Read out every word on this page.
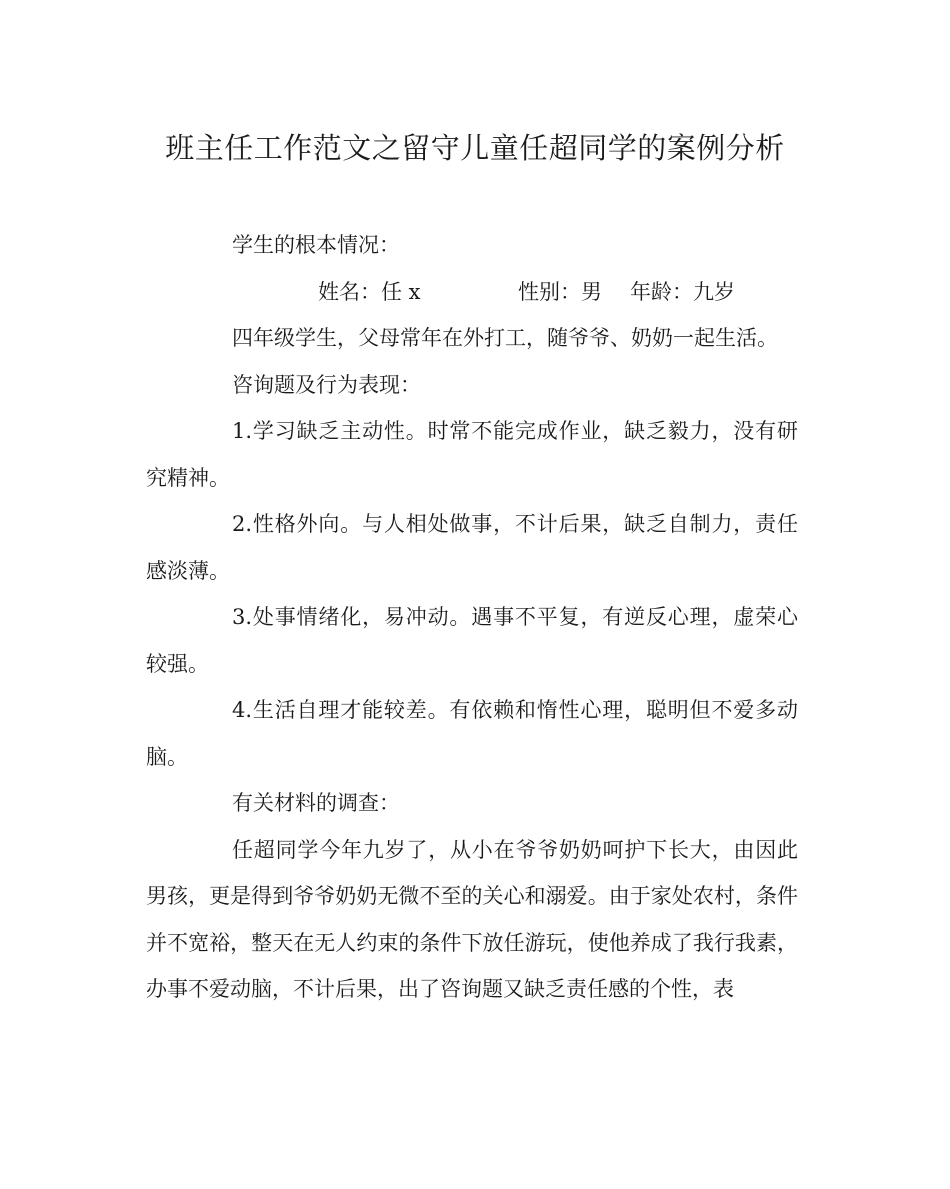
班主任工作范文之留守儿童任超同学的案例分析

学生的根本情况：

姓名：任 x	性别：男 年龄：九岁

四年级学生，父母常年在外打工，随爷爷、奶奶一起生活。

咨询题及行为表现：

1.学习缺乏主动性。时常不能完成作业，缺乏毅力，没有研究精神。

2.性格外向。与人相处做事，不计后果，缺乏自制力，责任感淡薄。

3.处事情绪化，易冲动。遇事不平复，有逆反心理，虚荣心较强。

4.生活自理才能较差。有依赖和惰性心理，聪明但不爱多动脑。

有关材料的调查：

任超同学今年九岁了，从小在爷爷奶奶呵护下长大，由因此男孩，更是得到爷爷奶奶无微不至的关心和溺爱。由于家处农村，条件并不宽裕，整天在无人约束的条件下放任游玩，使他养成了我行我素，办事不爱动脑，不计后果，出了咨询题又缺乏责任感的个性，表
